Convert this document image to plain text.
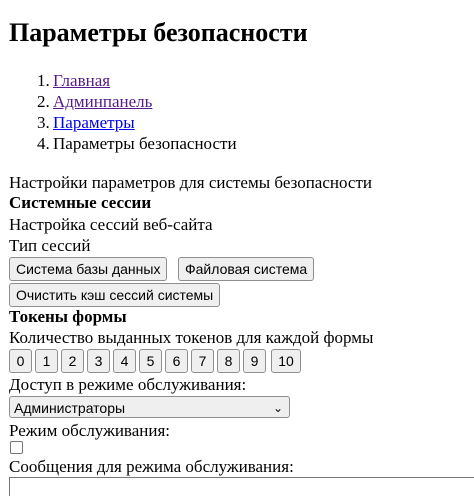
Параметры безопасности
1. Главная
2. Админпанель
3. Параметры
4. Параметры безопасности
Настройки параметров для системы безопасности
Системные сессии
Настройка сессий веб-сайта
Тип сессий
Система базы данных	Файловая система
Очистить кэш сессий системы
Токены формы
Количество выданных токенов для каждой формы
0	1	2	3	4	5	6	7	8	9	10
Доступ в режиме обслуживания:
Администраторы	⌄
Режим обслуживания:
Сообщения для режима обслуживания:
